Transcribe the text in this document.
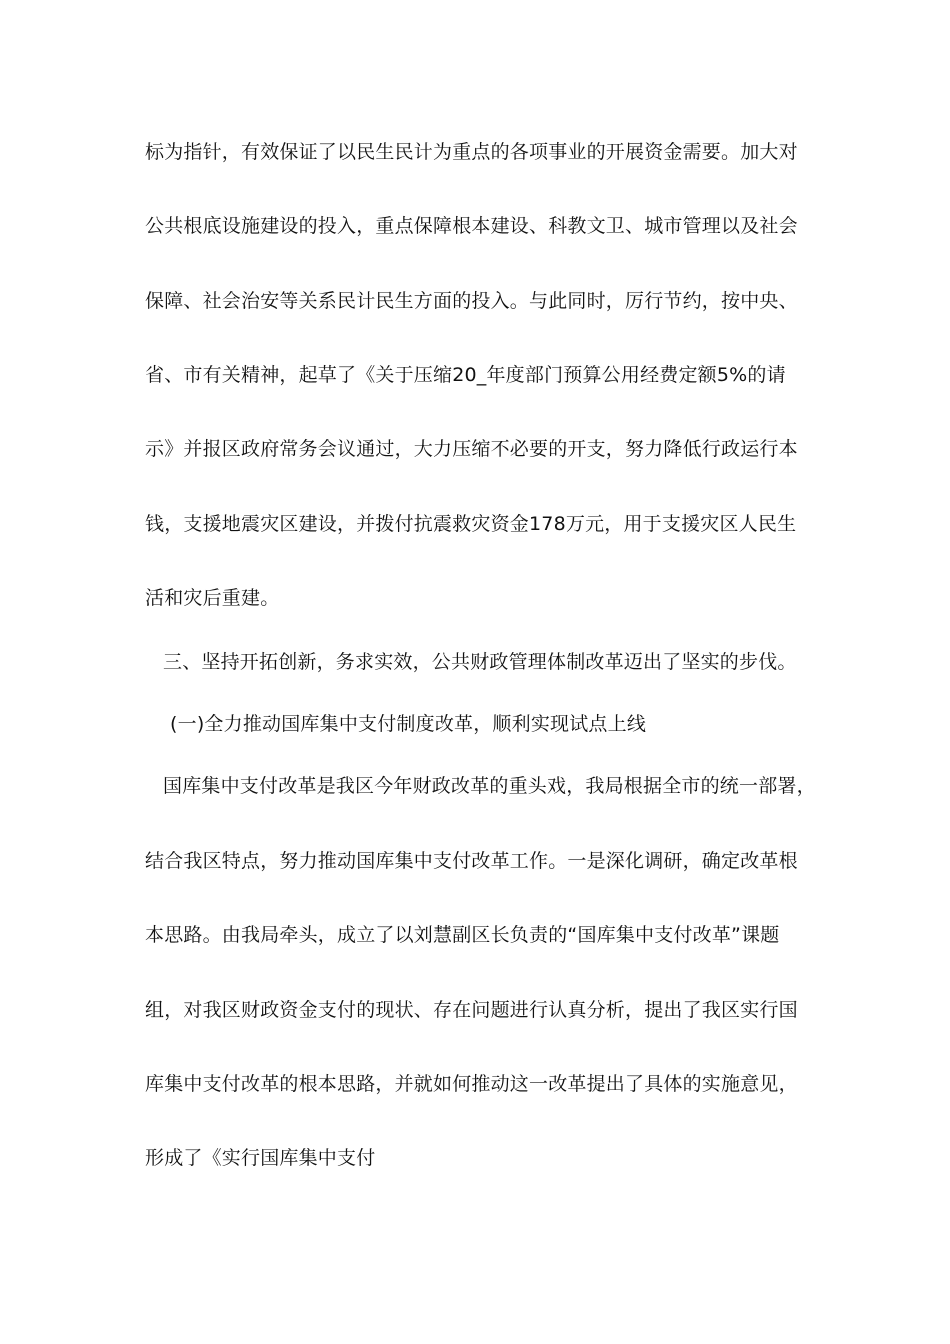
标为指针，有效保证了以民生民计为重点的各项事业的开展资金需要。加大对
公共根底设施建设的投入，重点保障根本建设、科教文卫、城市管理以及社会
保障、社会治安等关系民计民生方面的投入。与此同时，厉行节约，按中央、
省、市有关精神，起草了《关于压缩20_年度部门预算公用经费定额5%的请
示》并报区政府常务会议通过，大力压缩不必要的开支，努力降低行政运行本
钱，支援地震灾区建设，并拨付抗震救灾资金178万元，用于支援灾区人民生
活和灾后重建。
三、坚持开拓创新，务求实效，公共财政管理体制改革迈出了坚实的步伐。
(一)全力推动国库集中支付制度改革，顺利实现试点上线
国库集中支付改革是我区今年财政改革的重头戏，我局根据全市的统一部署，
结合我区特点，努力推动国库集中支付改革工作。一是深化调研，确定改革根
本思路。由我局牵头，成立了以刘慧副区长负责的“国库集中支付改革”课题
组，对我区财政资金支付的现状、存在问题进行认真分析，提出了我区实行国
库集中支付改革的根本思路，并就如何推动这一改革提出了具体的实施意见，
形成了《实行国库集中支付
